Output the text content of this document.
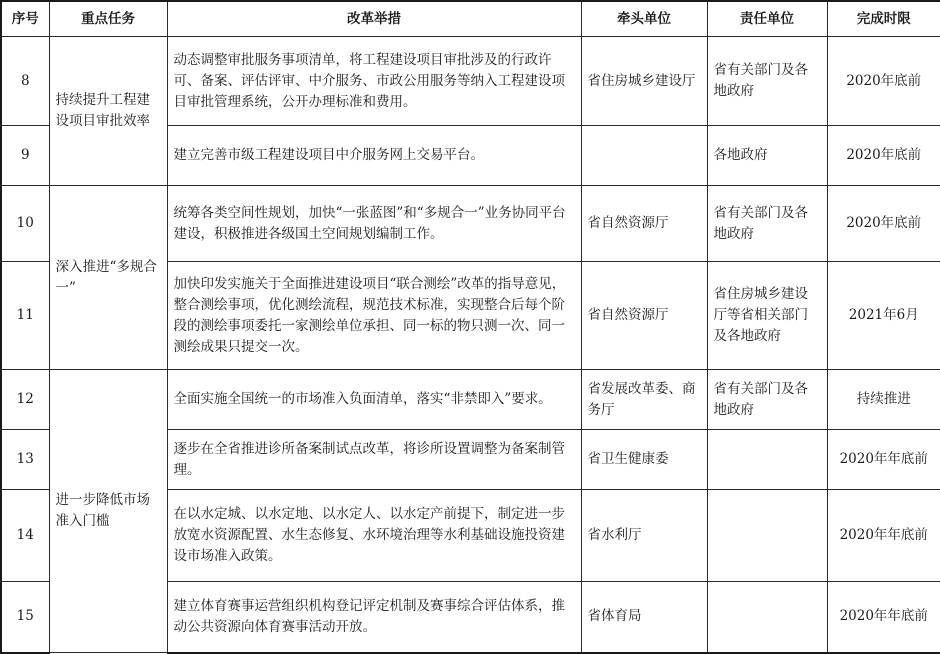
序号	重点任务	改革举措	牵头单位	责任单位	完成时限
8	持续提升工程建设项目审批效率	动态调整审批服务事项清单，将工程建设项目审批涉及的行政许可、备案、评估评审、中介服务、市政公用服务等纳入工程建设项目审批管理系统，公开办理标准和费用。	省住房城乡建设厅	省有关部门及各地政府	2020年底前
9		建立完善市级工程建设项目中介服务网上交易平台。		各地政府	2020年底前
10	深入推进“多规合一”	统筹各类空间性规划，加快“一张蓝图”和“多规合一”业务协同平台建设，积极推进各级国土空间规划编制工作。	省自然资源厅	省有关部门及各地政府	2020年底前
11		加快印发实施关于全面推进建设项目“联合测绘”改革的指导意见，整合测绘事项，优化测绘流程，规范技术标准，实现整合后每个阶段的测绘事项委托一家测绘单位承担、同一标的物只测一次、同一测绘成果只提交一次。	省自然资源厅	省住房城乡建设厅等省相关部门及各地政府	2021年6月
12	进一步降低市场准入门槛	全面实施全国统一的市场准入负面清单，落实“非禁即入”要求。	省发展改革委、商务厅	省有关部门及各地政府	持续推进
13		逐步在全省推进诊所备案制试点改革，将诊所设置调整为备案制管理。	省卫生健康委		2020年年底前
14		在以水定城、以水定地、以水定人、以水定产前提下，制定进一步放宽水资源配置、水生态修复、水环境治理等水利基础设施投资建设市场准入政策。	省水利厅		2020年年底前
15		建立体育赛事运营组织机构登记评定机制及赛事综合评估体系，推动公共资源向体育赛事活动开放。	省体育局		2020年年底前
